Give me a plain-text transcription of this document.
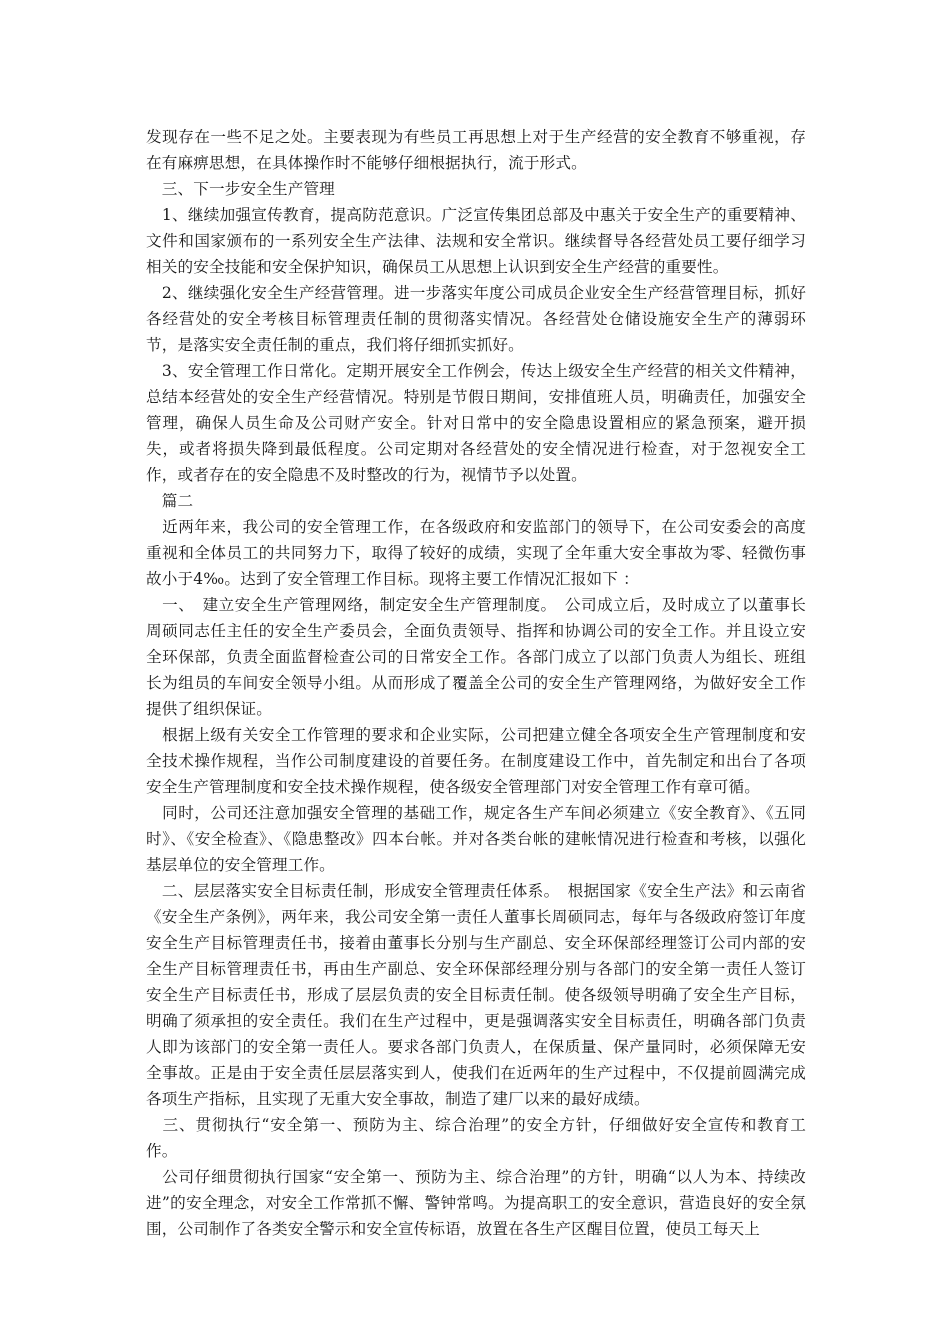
发现存在一些不足之处。主要表现为有些员工再思想上对于生产经营的安全教育不够重视，存在有麻痹思想，在具体操作时不能够仔细根据执行，流于形式。

　三、下一步安全生产管理

　1、继续加强宣传教育，提高防范意识。广泛宣传集团总部及中惠关于安全生产的重要精神、文件和国家颁布的一系列安全生产法律、法规和安全常识。继续督导各经营处员工要仔细学习相关的安全技能和安全保护知识，确保员工从思想上认识到安全生产经营的重要性。

　2、继续强化安全生产经营管理。进一步落实年度公司成员企业安全生产经营管理目标，抓好各经营处的安全考核目标管理责任制的贯彻落实情况。各经营处仓储设施安全生产的薄弱环节，是落实安全责任制的重点，我们将仔细抓实抓好。

　3、安全管理工作日常化。定期开展安全工作例会，传达上级安全生产经营的相关文件精神，总结本经营处的安全生产经营情况。特别是节假日期间，安排值班人员，明确责任，加强安全管理，确保人员生命及公司财产安全。针对日常中的安全隐患设置相应的紧急预案，避开损失，或者将损失降到最低程度。公司定期对各经营处的安全情况进行检查，对于忽视安全工作，或者存在的安全隐患不及时整改的行为，视情节予以处置。

　篇二

　近两年来，我公司的安全管理工作，在各级政府和安监部门的领导下，在公司安委会的高度重视和全体员工的共同努力下，取得了较好的成绩，实现了全年重大安全事故为零、轻微伤事故小于4‰。达到了安全管理工作目标。现将主要工作情况汇报如下 ：

　一、　建立安全生产管理网络，制定安全生产管理制度。　公司成立后，及时成立了以董事长周硕同志任主任的安全生产委员会，全面负责领导、指挥和协调公司的安全工作。并且设立安全环保部，负责全面监督检查公司的日常安全工作。各部门成立了以部门负责人为组长、班组长为组员的车间安全领导小组。从而形成了覆盖全公司的安全生产管理网络，为做好安全工作提供了组织保证。

　根据上级有关安全工作管理的要求和企业实际，公司把建立健全各项安全生产管理制度和安全技术操作规程，当作公司制度建设的首要任务。在制度建设工作中，首先制定和出台了各项安全生产管理制度和安全技术操作规程，使各级安全管理部门对安全管理工作有章可循。

　同时，公司还注意加强安全管理的基础工作，规定各生产车间必须建立《安全教育》、《五同时》、《安全检查》、《隐患整改》四本台帐。并对各类台帐的建帐情况进行检查和考核，以强化基层单位的安全管理工作。

　二、层层落实安全目标责任制，形成安全管理责任体系。　根据国家《安全生产法》和云南省《安全生产条例》，两年来，我公司安全第一责任人董事长周硕同志，每年与各级政府签订年度安全生产目标管理责任书，接着由董事长分别与生产副总、安全环保部经理签订公司内部的安全生产目标管理责任书，再由生产副总、安全环保部经理分别与各部门的安全第一责任人签订安全生产目标责任书，形成了层层负责的安全目标责任制。使各级领导明确了安全生产目标，明确了须承担的安全责任。我们在生产过程中，更是强调落实安全目标责任，明确各部门负责人即为该部门的安全第一责任人。要求各部门负责人，在保质量、保产量同时，必须保障无安全事故。正是由于安全责任层层落实到人，使我们在近两年的生产过程中，不仅提前圆满完成各项生产指标，且实现了无重大安全事故，制造了建厂以来的最好成绩。

　三、贯彻执行“安全第一、预防为主、综合治理”的安全方针，仔细做好安全宣传和教育工作。

　公司仔细贯彻执行国家“安全第一、预防为主、综合治理”的方针，明确“以人为本、持续改进”的安全理念，对安全工作常抓不懈、警钟常鸣。为提高职工的安全意识，营造良好的安全氛围，公司制作了各类安全警示和安全宣传标语，放置在各生产区醒目位置，使员工每天上
